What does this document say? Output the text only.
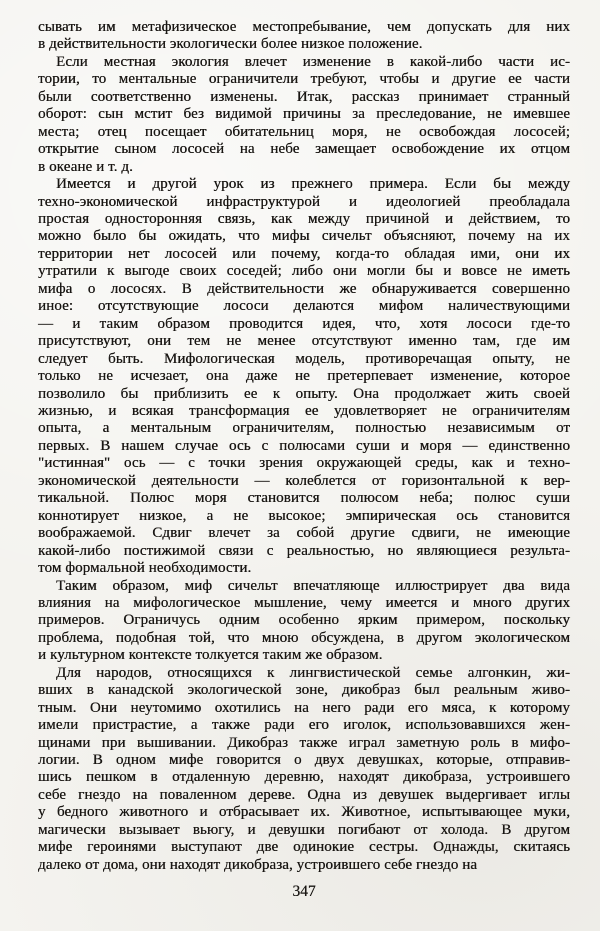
сывать им метафизическое местопребывание, чем допускать для них
в действительности экологически более низкое положение.
Если местная экология влечет изменение в какой-либо части ис-
тории, то ментальные ограничители требуют, чтобы и другие ее части
были соответственно изменены. Итак, рассказ принимает странный
оборот: сын мстит без видимой причины за преследование, не имевшее
места; отец посещает обитательниц моря, не освобождая лососей;
открытие сыном лососей на небе замещает освобождение их отцом
в океане и т. д.
Имеется и другой урок из прежнего примера. Если бы между
техно-экономической инфраструктурой и идеологией преобладала
простая односторонняя связь, как между причиной и действием, то
можно было бы ожидать, что мифы сичельт объясняют, почему на их
территории нет лососей или почему, когда-то обладая ими, они их
утратили к выгоде своих соседей; либо они могли бы и вовсе не иметь
мифа о лососях. В действительности же обнаруживается совершенно
иное: отсутствующие лососи делаются мифом наличествующими
— и таким образом проводится идея, что, хотя лососи где-то
присутствуют, они тем не менее отсутствуют именно там, где им
следует быть. Мифологическая модель, противоречащая опыту, не
только не исчезает, она даже не претерпевает изменение, которое
позволило бы приблизить ее к опыту. Она продолжает жить своей
жизнью, и всякая трансформация ее удовлетворяет не ограничителям
опыта, а ментальным ограничителям, полностью независимым от
первых. В нашем случае ось с полюсами суши и моря — единственно
"истинная" ось — с точки зрения окружающей среды, как и техно-
экономической деятельности — колеблется от горизонтальной к вер-
тикальной. Полюс моря становится полюсом неба; полюс суши
коннотирует низкое, а не высокое; эмпирическая ось становится
воображаемой. Сдвиг влечет за собой другие сдвиги, не имеющие
какой-либо постижимой связи с реальностью, но являющиеся результа-
том формальной необходимости.
Таким образом, миф сичельт впечатляюще иллюстрирует два вида
влияния на мифологическое мышление, чему имеется и много других
примеров. Ограничусь одним особенно ярким примером, поскольку
проблема, подобная той, что мною обсуждена, в другом экологическом
и культурном контексте толкуется таким же образом.
Для народов, относящихся к лингвистической семье алгонкин, жи-
вших в канадской экологической зоне, дикобраз был реальным живо-
тным. Они неутомимо охотились на него ради его мяса, к которому
имели пристрастие, а также ради его иголок, использовавшихся жен-
щинами при вышивании. Дикобраз также играл заметную роль в мифо-
логии. В одном мифе говорится о двух девушках, которые, отправив-
шись пешком в отдаленную деревню, находят дикобраза, устроившего
себе гнездо на поваленном дереве. Одна из девушек выдергивает иглы
у бедного животного и отбрасывает их. Животное, испытывающее муки,
магически вызывает вьюгу, и девушки погибают от холода. В другом
мифе героинями выступают две одинокие сестры. Однажды, скитаясь
далеко от дома, они находят дикобраза, устроившего себе гнездо на
347
